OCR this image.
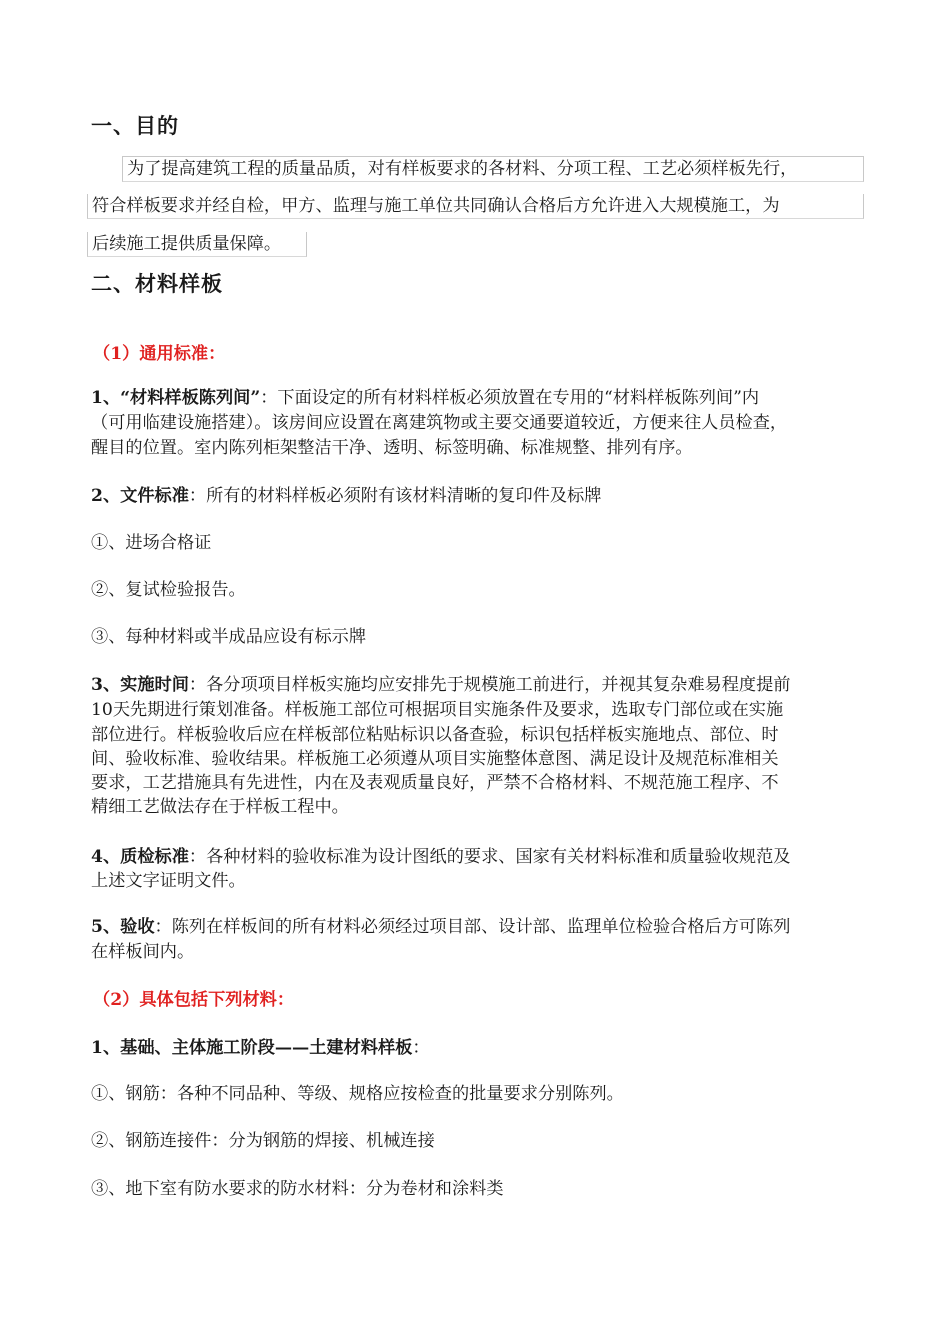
一、目的
为了提高建筑工程的质量品质，对有样板要求的各材料、分项工程、工艺必须样板先行，
符合样板要求并经自检，甲方、监理与施工单位共同确认合格后方允许进入大规模施工，为
后续施工提供质量保障。
二、材料样板
（1）通用标准：
1、“材料样板陈列间”：下面设定的所有材料样板必须放置在专用的“材料样板陈列间”内
（可用临建设施搭建）。该房间应设置在离建筑物或主要交通要道较近，方便来往人员检查，
醒目的位置。室内陈列柜架整洁干净、透明、标签明确、标准规整、排列有序。
2、文件标准：所有的材料样板必须附有该材料清晰的复印件及标牌
①、进场合格证
②、复试检验报告。
③、每种材料或半成品应设有标示牌
3、实施时间：各分项项目样板实施均应安排先于规模施工前进行，并视其复杂难易程度提前
10天先期进行策划准备。样板施工部位可根据项目实施条件及要求，选取专门部位或在实施
部位进行。样板验收后应在样板部位粘贴标识以备查验，标识包括样板实施地点、部位、时
间、验收标准、验收结果。样板施工必须遵从项目实施整体意图、满足设计及规范标准相关
要求，工艺措施具有先进性，内在及表观质量良好，严禁不合格材料、不规范施工程序、不
精细工艺做法存在于样板工程中。
4、质检标准：各种材料的验收标准为设计图纸的要求、国家有关材料标准和质量验收规范及
上述文字证明文件。
5、验收：陈列在样板间的所有材料必须经过项目部、设计部、监理单位检验合格后方可陈列
在样板间内。
（2）具体包括下列材料：
1、基础、主体施工阶段——土建材料样板：
①、钢筋：各种不同品种、等级、规格应按检查的批量要求分别陈列。
②、钢筋连接件：分为钢筋的焊接、机械连接
③、地下室有防水要求的防水材料：分为卷材和涂料类
